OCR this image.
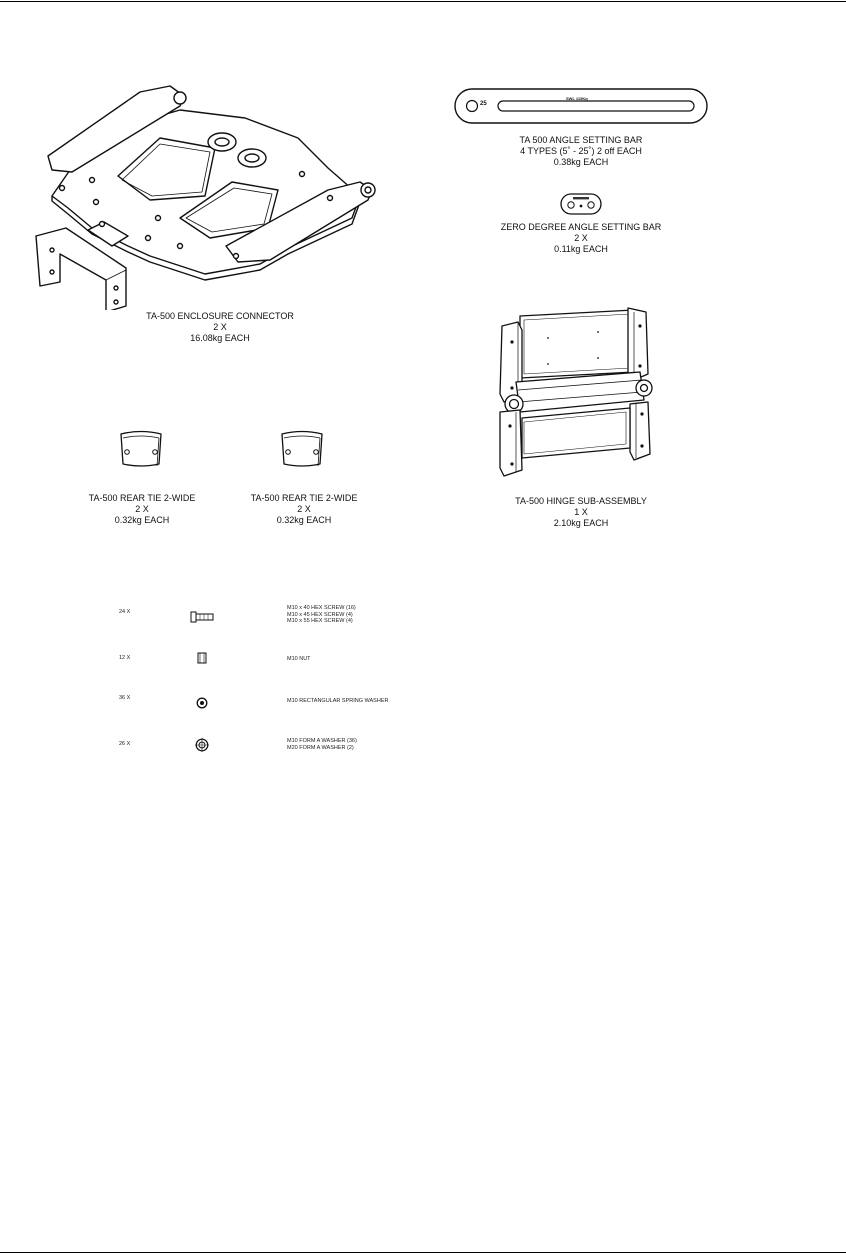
TA-500 ENCLOSURE CONNECTOR
2 X
16.08kg EACH
25
SWL 115Kg
TA 500 ANGLE SETTING BAR
4 TYPES (5˚ - 25˚) 2 off EACH
0.38kg EACH
ZERO DEGREE ANGLE SETTING BAR
2 X
0.11kg EACH
TA-500 HINGE SUB-ASSEMBLY
1 X
2.10kg EACH
TA-500 REAR TIE 2-WIDE
2 X
0.32kg EACH
TA-500 REAR TIE 2-WIDE
2 X
0.32kg EACH
24 X
M10 x 40 HEX SCREW (16)
M10 x 45 HEX SCREW (4)
M10 x 55 HEX SCREW (4)
12 X	M10 NUT
36 X	M10 RECTANGULAR SPRING WASHER
26 X	M10 FORM A WASHER (36)
M20 FORM A WASHER (2)
